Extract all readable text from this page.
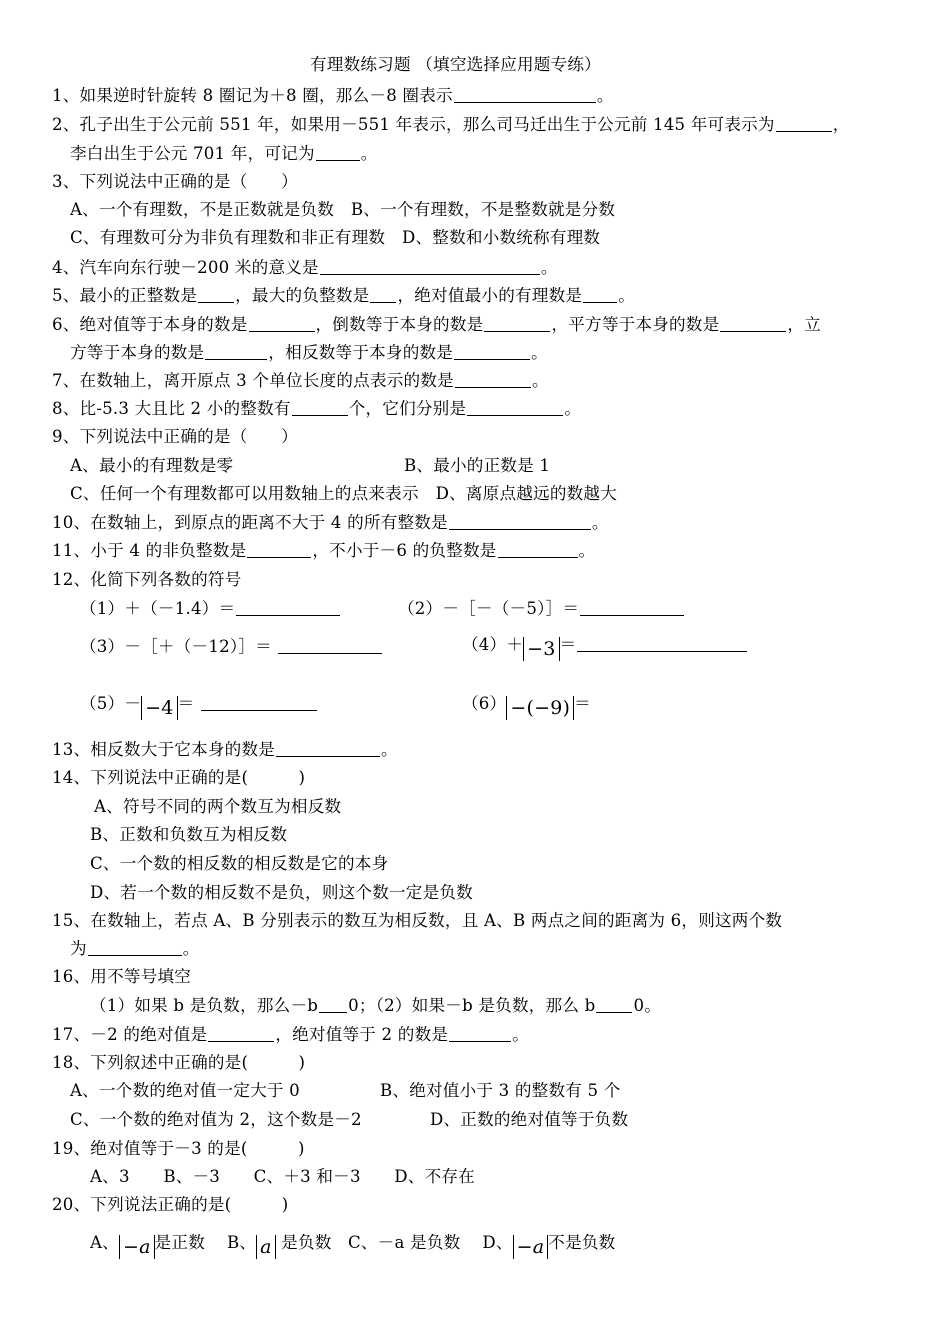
有理数练习题 （填空选择应用题专练）
1、如果逆时针旋转 8 圈记为＋8 圈，那么－8 圈表示	。
2、孔子出生于公元前 551 年，如果用－551 年表示，那么司马迁出生于公元前 145 年可表示为	，
李白出生于公元 701 年，可记为	。
3、下列说法中正确的是（　　）
A、一个有理数，不是正数就是负数　B、一个有理数，不是整数就是分数
C、有理数可分为非负有理数和非正有理数　D、整数和小数统称有理数
4、汽车向东行驶－200 米的意义是	。
5、最小的正整数是 ，最大的负整数是 ，绝对值最小的有理数是 。
6、绝对值等于本身的数是	，倒数等于本身的数是	，平方等于本身的数是	，立
方等于本身的数是	，相反数等于本身的数是	。
7、在数轴上，离开原点 3 个单位长度的点表示的数是	。
8、比-5.3 大且比 2 小的整数有	个，它们分别是	。
9、下列说法中正确的是（　　）
A、最小的有理数是零	B、最小的正数是 1
C、任何一个有理数都可以用数轴上的点来表示　D、离原点越远的数越大
10、在数轴上，到原点的距离不大于 4 的所有整数是	。
11、小于 4 的非负整数是	，不小于－6 的负整数是	。
12、化简下列各数的符号
（1）＋（－1.4）＝	（2）－［－（－5）］＝
（3）－［＋（－12）］＝	（4）＋ −3 ＝
（5）－ −4 ＝	（6） −(−9) ＝
13、相反数大于它本身的数是	。
14、下列说法中正确的是(　　　)
A、符号不同的两个数互为相反数
B、正数和负数互为相反数
C、一个数的相反数的相反数是它的本身
D、若一个数的相反数不是负，则这个数一定是负数
15、在数轴上，若点 A、B 分别表示的数互为相反数，且 A、B 两点之间的距离为 6，则这两个数
为	。
16、用不等号填空
（1）如果 b 是负数，那么－b 0；（2）如果－b 是负数，那么 b 0。
17、－2 的绝对值是	，绝对值等于 2 的数是	。
18、下列叙述中正确的是(　　　)
A、一个数的绝对值一定大于 0	B、绝对值小于 3 的整数有 5 个
C、一个数的绝对值为 2，这个数是－2	D、正数的绝对值等于负数
19、绝对值等于－3 的是(　　　)
A、3　　B、－3　　C、＋3 和－3　　D、不存在
20、下列说法正确的是(　　　)
A、 −a 是正数 B、 a 是负数 C、－a 是负数 D、 −a 不是负数
